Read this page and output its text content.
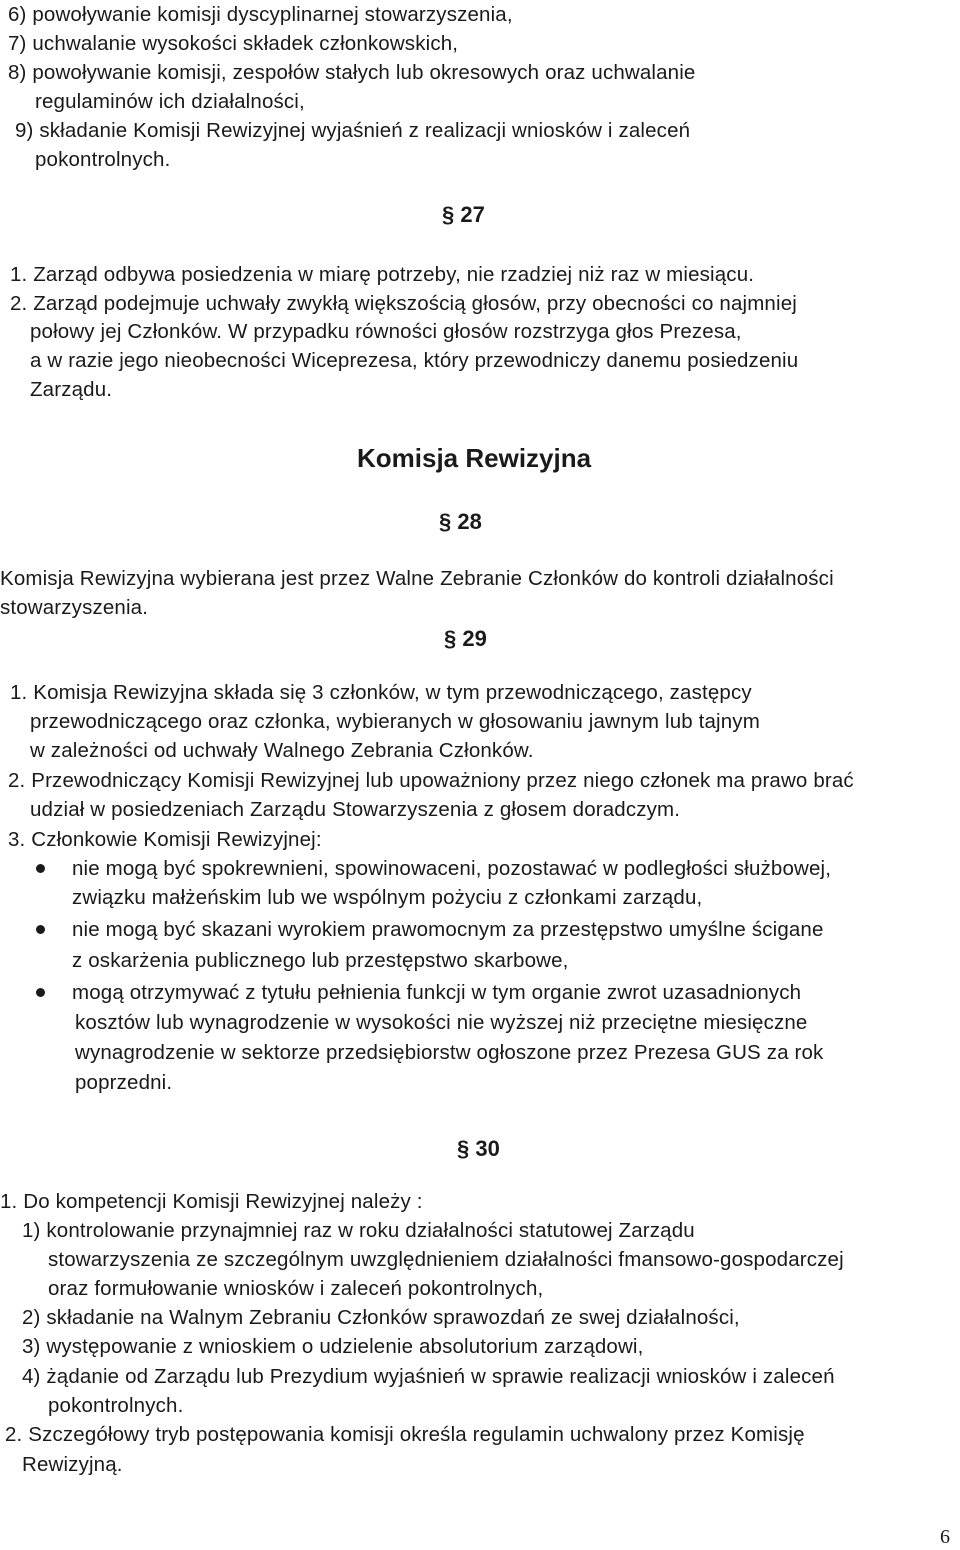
6) powoływanie komisji dyscyplinarnej stowarzyszenia,
7) uchwalanie wysokości składek członkowskich,
8) powoływanie komisji, zespołów stałych lub okresowych oraz uchwalanie
regulaminów ich działalności,
9) składanie Komisji Rewizyjnej wyjaśnień z realizacji wniosków i zaleceń
pokontrolnych.
§ 27
1. Zarząd odbywa posiedzenia w miarę potrzeby, nie rzadziej niż raz w miesiącu.
2. Zarząd podejmuje uchwały zwykłą większością głosów, przy obecności co najmniej
połowy jej Członków. W przypadku równości głosów rozstrzyga głos Prezesa,
a w razie jego nieobecności Wiceprezesa, który przewodniczy danemu posiedzeniu
Zarządu.
Komisja Rewizyjna
§ 28
Komisja Rewizyjna wybierana jest przez Walne Zebranie Członków do kontroli działalności
stowarzyszenia.
§ 29
1. Komisja Rewizyjna składa się 3 członków, w tym przewodniczącego, zastępcy
przewodniczącego oraz członka, wybieranych w głosowaniu jawnym lub tajnym
w zależności od uchwały Walnego Zebrania Członków.
2. Przewodniczący Komisji Rewizyjnej lub upoważniony przez niego członek ma prawo brać
udział w posiedzeniach Zarządu Stowarzyszenia z głosem doradczym.
3. Członkowie Komisji Rewizyjnej:
nie mogą być spokrewnieni, spowinowaceni, pozostawać w podległości służbowej,
związku małżeńskim lub we wspólnym pożyciu z członkami zarządu,
nie mogą być skazani wyrokiem prawomocnym za przestępstwo umyślne ścigane
z oskarżenia publicznego lub przestępstwo skarbowe,
mogą otrzymywać z tytułu pełnienia funkcji w tym organie zwrot uzasadnionych
kosztów lub wynagrodzenie w wysokości nie wyższej niż przeciętne miesięczne
wynagrodzenie w sektorze przedsiębiorstw ogłoszone przez Prezesa GUS za rok
poprzedni.
§ 30
1. Do kompetencji Komisji Rewizyjnej należy :
1) kontrolowanie przynajmniej raz w roku działalności statutowej Zarządu
stowarzyszenia ze szczególnym uwzględnieniem działalności fmansowo-gospodarczej
oraz formułowanie wniosków i zaleceń pokontrolnych,
2) składanie na Walnym Zebraniu Członków sprawozdań ze swej działalności,
3) występowanie z wnioskiem o udzielenie absolutorium zarządowi,
4) żądanie od Zarządu lub Prezydium wyjaśnień w sprawie realizacji wniosków i zaleceń
pokontrolnych.
2. Szczegółowy tryb postępowania komisji określa regulamin uchwalony przez Komisję
Rewizyjną.
6
